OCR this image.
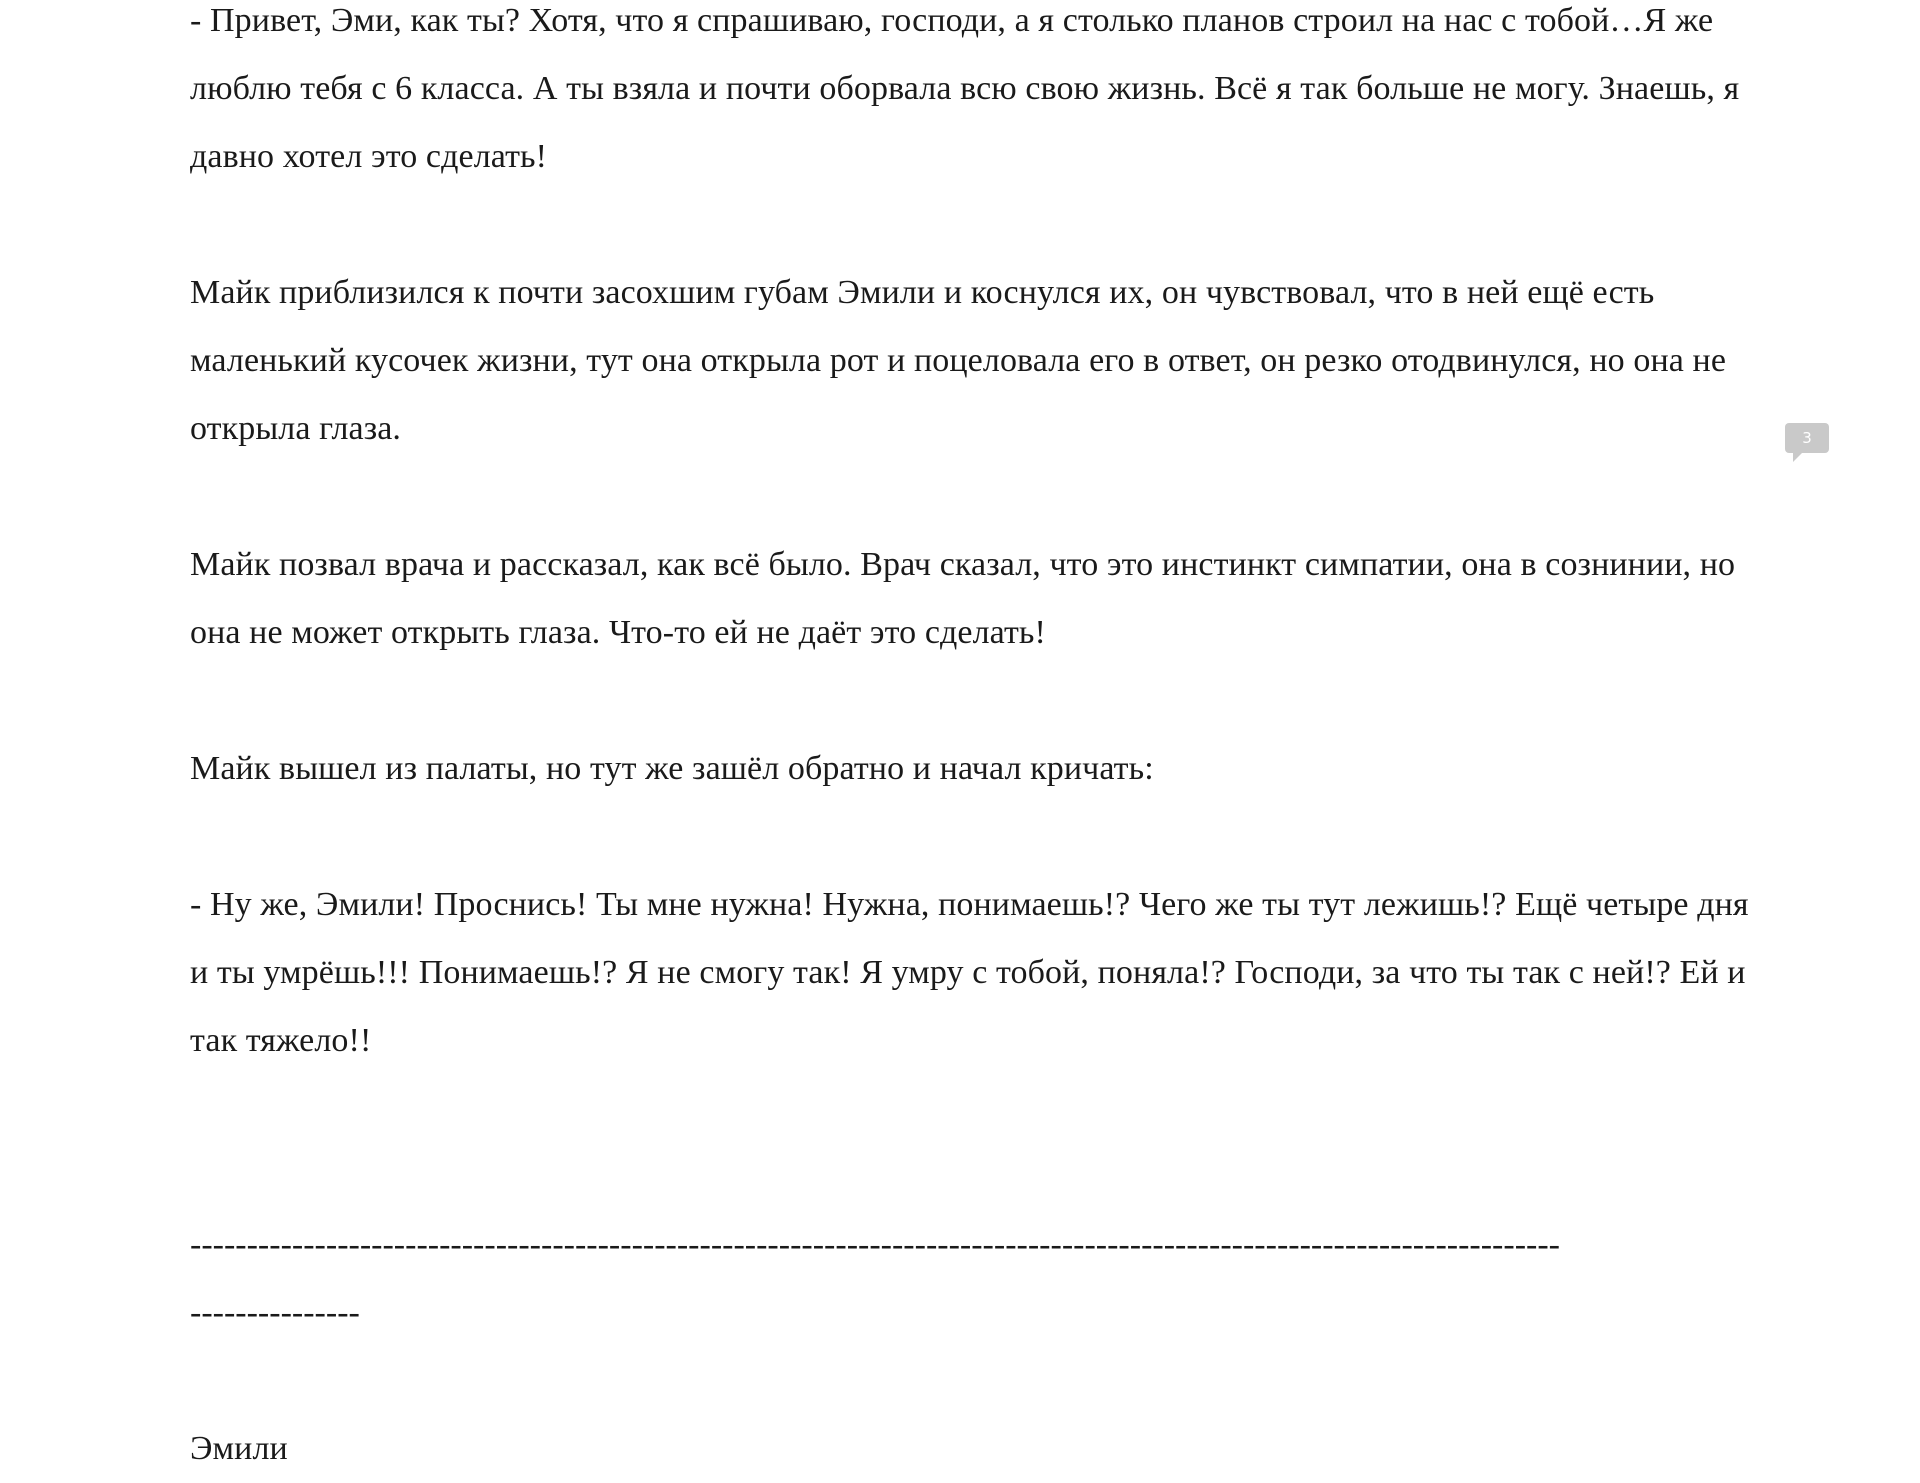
- Привет, Эми, как ты? Хотя, что я спрашиваю, господи, а я столько планов строил на нас с тобой…Я же люблю тебя с 6 класса. А ты взяла и почти оборвала всю свою жизнь. Всё я так больше не могу. Знаешь, я давно хотел это сделать!

Майк приблизился к почти засохшим губам Эмили и коснулся их, он чувствовал, что в ней ещё есть маленький кусочек жизни, тут она открыла рот и поцеловала его в ответ, он резко отодвинулся, но она не открыла глаза.

Майк позвал врача и рассказал, как всё было. Врач сказал, что это инстинкт симпатии, она в сознинии, но она не может открыть глаза. Что-то ей не даёт это сделать!

Майк вышел из палаты, но тут же зашёл обратно и начал кричать:

- Ну же, Эмили! Проснись! Ты мне нужна! Нужна, понимаешь!? Чего же ты тут лежишь!? Ещё четыре дня и ты умрёшь!!! Понимаешь!? Я не смогу так! Я умру с тобой, поняла!? Господи, за что ты так с ней!? Ей и так тяжело!!

-------------------------------------------------------------------------------------------------------------------------

---------------

Эмили

3
